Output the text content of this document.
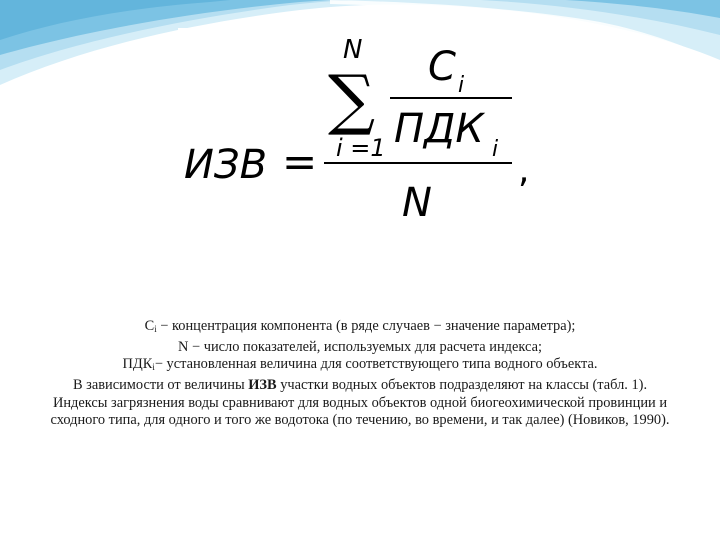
ИЗВ =
N
∑
i =1
C i
ПДК i
N
,
$C_i$ − концентрация компонента (в ряде случаев − значение параметра);
N − число показателей, используемых для расчета индекса;
$ПДК_i-$ установленная величина для соответствующего типа водного объекта.
В зависимости от величины ИЗВ участки водных объектов подразделяют на классы (табл. 1). Индексы загрязнения воды сравнивают для водных объектов одной биогеохимической провинции и сходного типа, для одного и того же водотока (по течению, во времени, и так далее) (Новиков, 1990).
